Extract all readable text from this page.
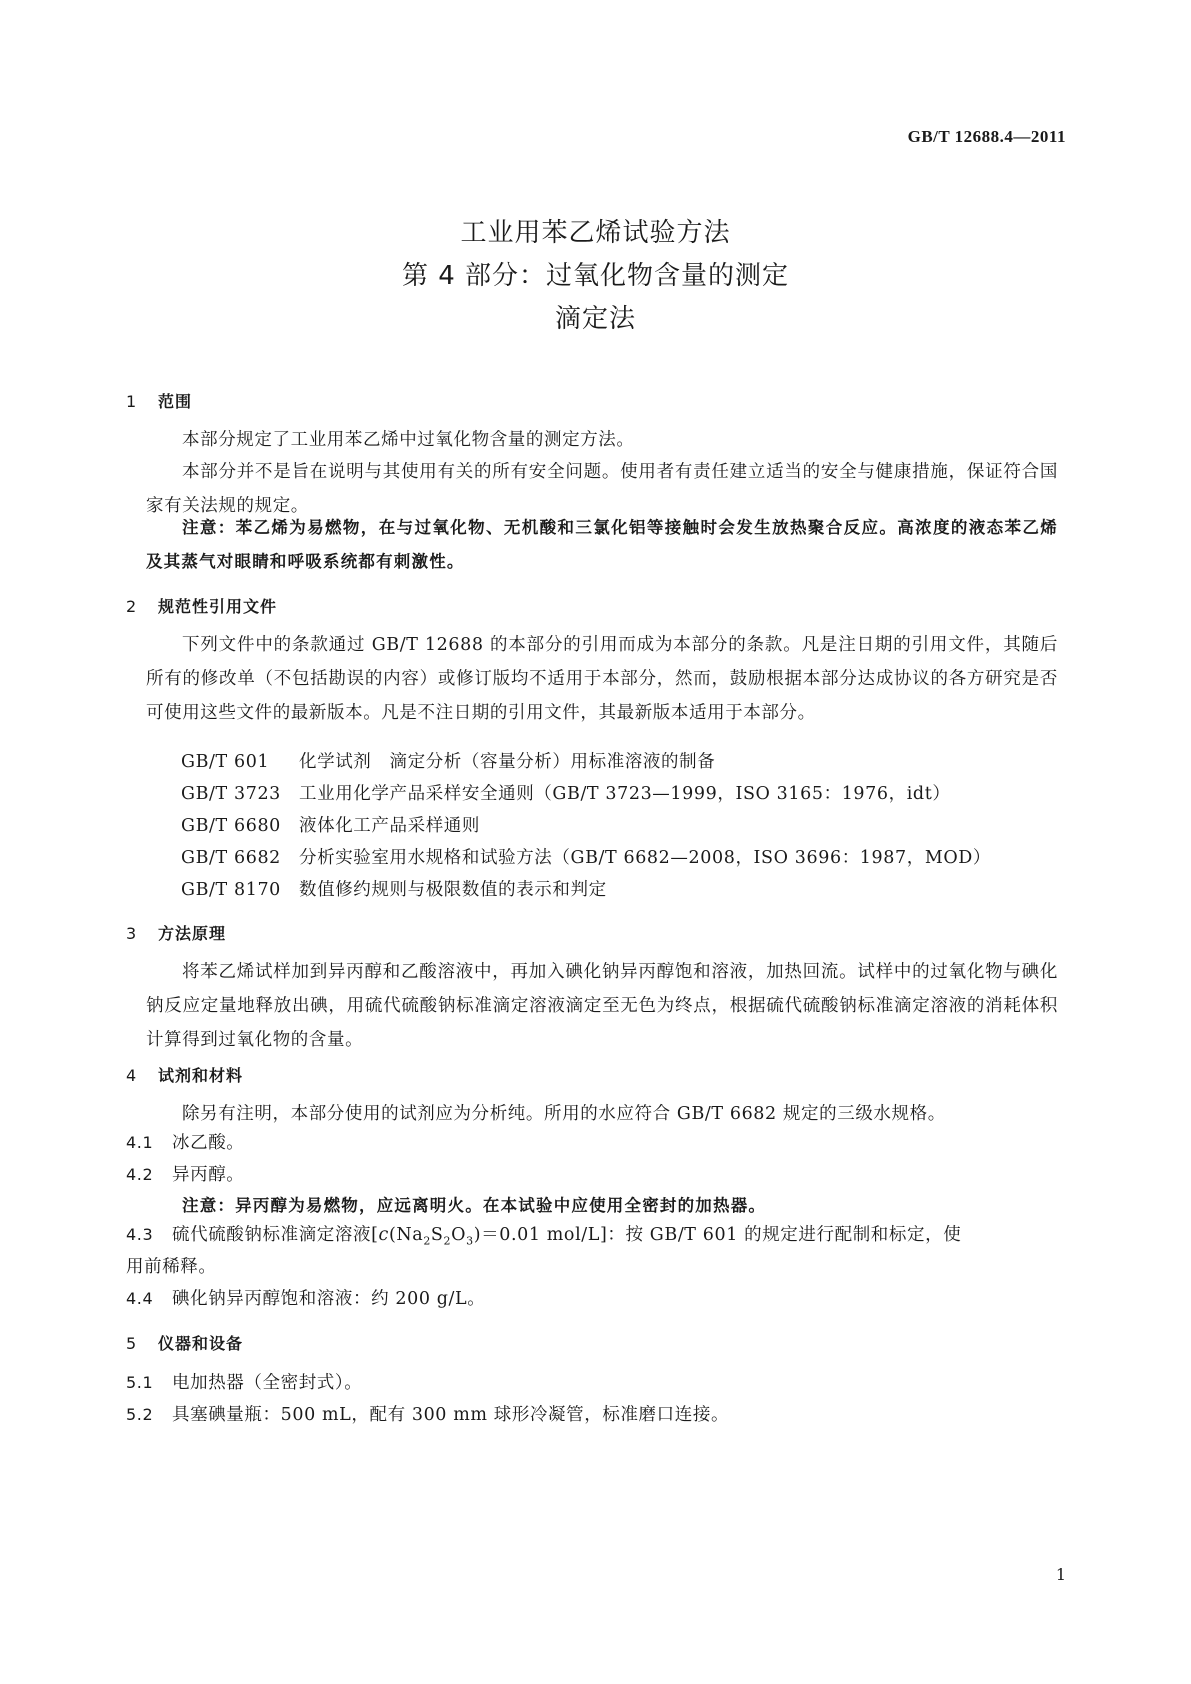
GB/T 12688.4—2011
工业用苯乙烯试验方法
第 4 部分：过氧化物含量的测定
滴定法
1 范围
本部分规定了工业用苯乙烯中过氧化物含量的测定方法。
本部分并不是旨在说明与其使用有关的所有安全问题。使用者有责任建立适当的安全与健康措施，保证符合国家有关法规的规定。
注意：苯乙烯为易燃物，在与过氧化物、无机酸和三氯化铝等接触时会发生放热聚合反应。高浓度的液态苯乙烯及其蒸气对眼睛和呼吸系统都有刺激性。
2 规范性引用文件
下列文件中的条款通过 GB/T 12688 的本部分的引用而成为本部分的条款。凡是注日期的引用文件，其随后所有的修改单（不包括勘误的内容）或修订版均不适用于本部分，然而，鼓励根据本部分达成协议的各方研究是否可使用这些文件的最新版本。凡是不注日期的引用文件，其最新版本适用于本部分。
GB/T 601 化学试剂　滴定分析（容量分析）用标准溶液的制备
GB/T 3723 工业用化学产品采样安全通则（GB/T 3723—1999，ISO 3165：1976，idt）
GB/T 6680 液体化工产品采样通则
GB/T 6682 分析实验室用水规格和试验方法（GB/T 6682—2008，ISO 3696：1987，MOD）
GB/T 8170 数值修约规则与极限数值的表示和判定
3 方法原理
将苯乙烯试样加到异丙醇和乙酸溶液中，再加入碘化钠异丙醇饱和溶液，加热回流。试样中的过氧化物与碘化钠反应定量地释放出碘，用硫代硫酸钠标准滴定溶液滴定至无色为终点，根据硫代硫酸钠标准滴定溶液的消耗体积计算得到过氧化物的含量。
4 试剂和材料
除另有注明，本部分使用的试剂应为分析纯。所用的水应符合 GB/T 6682 规定的三级水规格。
4.1 冰乙酸。
4.2 异丙醇。
注意：异丙醇为易燃物，应远离明火。在本试验中应使用全密封的加热器。
4.3 硫代硫酸钠标准滴定溶液[$c(Na_2S_2O_3)=0.01$ mol/L]：按 GB/T 601 的规定进行配制和标定，使
用前稀释。
4.4 碘化钠异丙醇饱和溶液：约 200 g/L。
5 仪器和设备
5.1 电加热器（全密封式）。
5.2 具塞碘量瓶：500 mL，配有 300 mm 球形冷凝管，标准磨口连接。
1
